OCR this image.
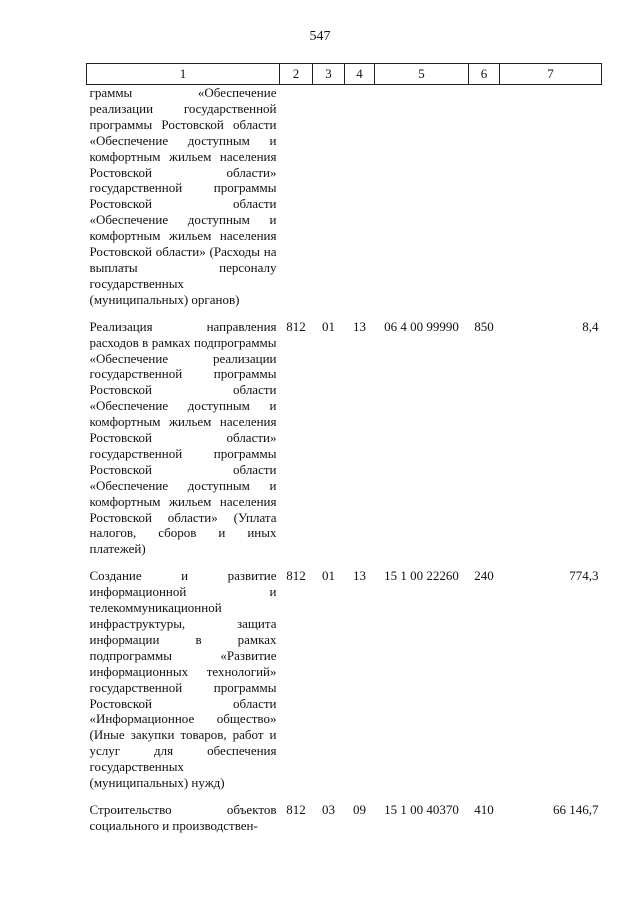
547
1	2	3	4	5	6	7
граммы «Обеспечение реализации государственной программы Ростовской области «Обеспечение доступным и комфортным жильем населения Ростовской области» государственной программы Ростовской области «Обеспечение доступным и комфортным жильем населения Ростовской области» (Расходы на выплаты персоналу государственных (муниципальных) органов)						

Реализация направления расходов в рамках подпрограммы «Обеспечение реализации государственной программы Ростовской области «Обеспечение доступным и комфортным жильем населения Ростовской области» государственной программы Ростовской области «Обеспечение доступным и комфортным жильем населения Ростовской области» (Уплата налогов, сборов и иных платежей)	812	01	13	06 4 00 99990	850	8,4

Создание и развитие информационной и телекоммуникационной инфраструктуры, защита информации в рамках подпрограммы «Развитие информационных технологий» государственной программы Ростовской области «Информационное общество» (Иные закупки товаров, работ и услуг для обеспечения государственных (муниципальных) нужд)	812	01	13	15 1 00 22260	240	774,3

Строительство объектов социального и производствен-	812	03	09	15 1 00 40370	410	66 146,7
